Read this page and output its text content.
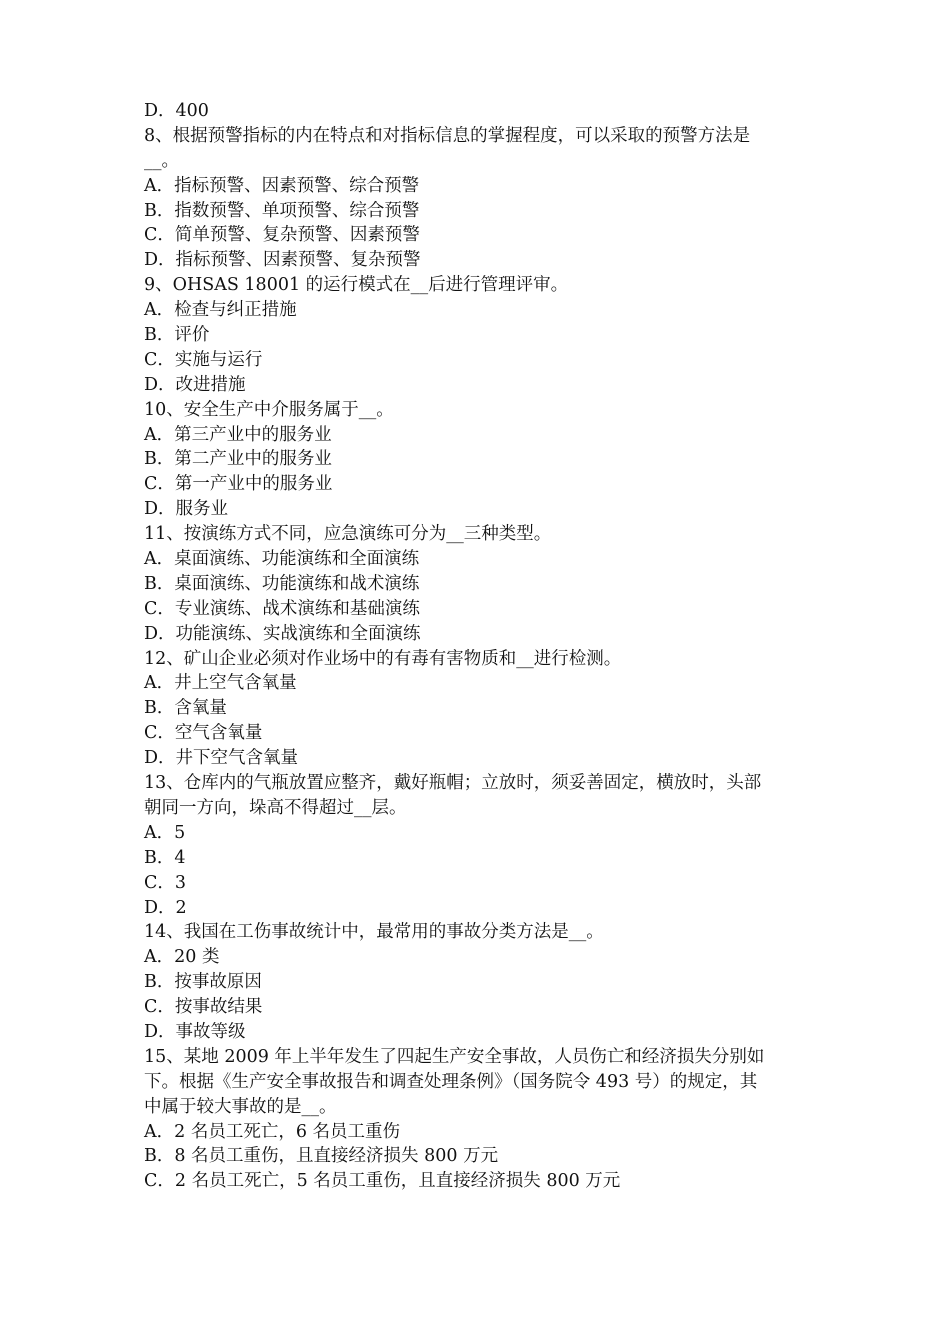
D．400
8、根据预警指标的内在特点和对指标信息的掌握程度，可以采取的预警方法是
__。
A．指标预警、因素预警、综合预警
B．指数预警、单项预警、综合预警
C．简单预警、复杂预警、因素预警
D．指标预警、因素预警、复杂预警
9、OHSAS 18001 的运行模式在__后进行管理评审。
A．检查与纠正措施
B．评价
C．实施与运行
D．改进措施
10、安全生产中介服务属于__。
A．第三产业中的服务业
B．第二产业中的服务业
C．第一产业中的服务业
D．服务业
11、按演练方式不同，应急演练可分为__三种类型。
A．桌面演练、功能演练和全面演练
B．桌面演练、功能演练和战术演练
C．专业演练、战术演练和基础演练
D．功能演练、实战演练和全面演练
12、矿山企业必须对作业场中的有毒有害物质和__进行检测。
A．井上空气含氧量
B．含氧量
C．空气含氧量
D．井下空气含氧量
13、仓库内的气瓶放置应整齐，戴好瓶帽；立放时，须妥善固定，横放时，头部
朝同一方向，垛高不得超过__层。
A．5
B．4
C．3
D．2
14、我国在工伤事故统计中，最常用的事故分类方法是__。
A．20 类
B．按事故原因
C．按事故结果
D．事故等级
15、某地 2009 年上半年发生了四起生产安全事故，人员伤亡和经济损失分别如
下。根据《生产安全事故报告和调查处理条例》（国务院令 493 号）的规定，其
中属于较大事故的是__。
A．2 名员工死亡，6 名员工重伤
B．8 名员工重伤，且直接经济损失 800 万元
C．2 名员工死亡，5 名员工重伤，且直接经济损失 800 万元
